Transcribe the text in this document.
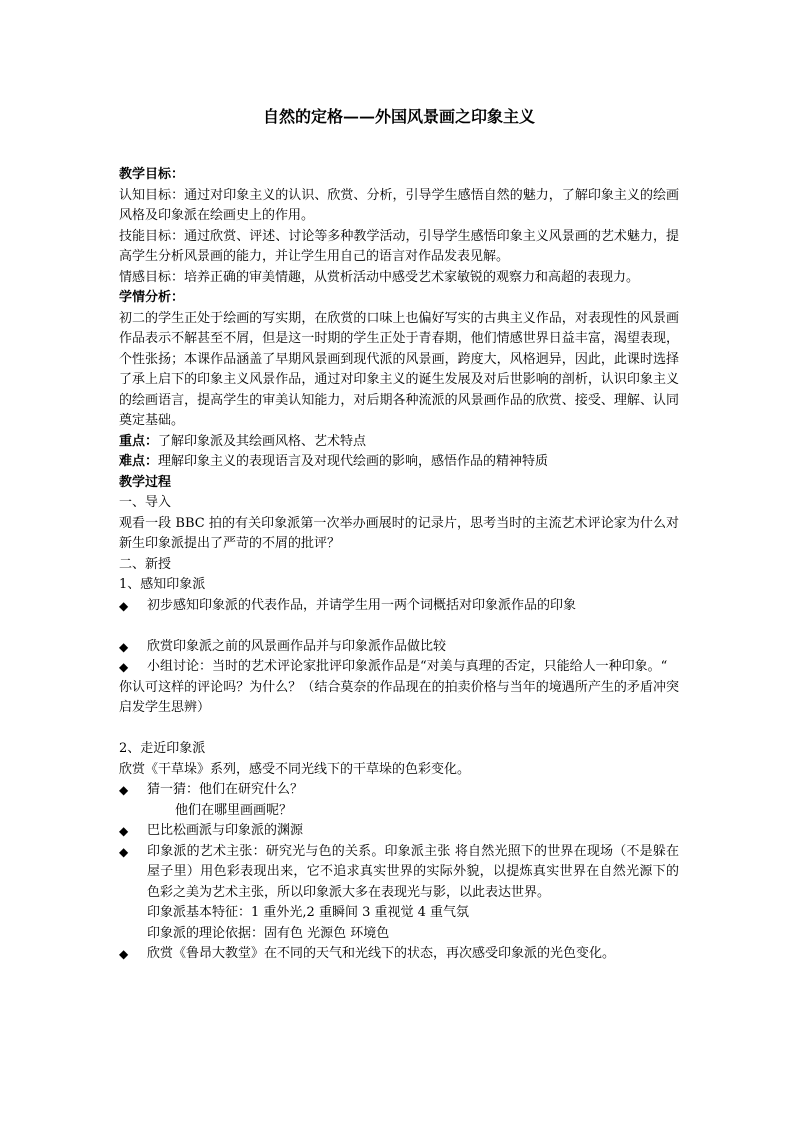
自然的定格——外国风景画之印象主义

教学目标：

认知目标：通过对印象主义的认识、欣赏、分析，引导学生感悟自然的魅力，了解印象主义的绘画风格及印象派在绘画史上的作用。

技能目标：通过欣赏、评述、讨论等多种教学活动，引导学生感悟印象主义风景画的艺术魅力，提高学生分析风景画的能力，并让学生用自己的语言对作品发表见解。

情感目标：培养正确的审美情趣，从赏析活动中感受艺术家敏锐的观察力和高超的表现力。

学情分析：

初二的学生正处于绘画的写实期，在欣赏的口味上也偏好写实的古典主义作品，对表现性的风景画作品表示不解甚至不屑，但是这一时期的学生正处于青春期，他们情感世界日益丰富，渴望表现，个性张扬；本课作品涵盖了早期风景画到现代派的风景画，跨度大，风格迥异，因此，此课时选择了承上启下的印象主义风景作品，通过对印象主义的诞生发展及对后世影响的剖析，认识印象主义的绘画语言，提高学生的审美认知能力，对后期各种流派的风景画作品的欣赏、接受、理解、认同奠定基础。

重点：了解印象派及其绘画风格、艺术特点

难点：理解印象主义的表现语言及对现代绘画的影响，感悟作品的精神特质

教学过程

一、导入

观看一段 BBC 拍的有关印象派第一次举办画展时的记录片，思考当时的主流艺术评论家为什么对新生印象派提出了严苛的不屑的批评？

二、新授

1、感知印象派

◆ 初步感知印象派的代表作品，并请学生用一两个词概括对印象派作品的印象

◆ 欣赏印象派之前的风景画作品并与印象派作品做比较

◆ 小组讨论：当时的艺术评论家批评印象派作品是“对美与真理的否定，只能给人一种印象。“

你认可这样的评论吗？为什么？（结合莫奈的作品现在的拍卖价格与当年的境遇所产生的矛盾冲突启发学生思辨）

2、走近印象派

欣赏《干草垛》系列，感受不同光线下的干草垛的色彩变化。

◆ 猜一猜：他们在研究什么？

他们在哪里画画呢？

◆ 巴比松画派与印象派的渊源

◆ 印象派的艺术主张：研究光与色的关系。印象派主张 将自然光照下的世界在现场（不是躲在屋子里）用色彩表现出来，它不追求真实世界的实际外貌，以提炼真实世界在自然光源下的色彩之美为艺术主张，所以印象派大多在表现光与影，以此表达世界。

印象派基本特征：1 重外光,2 重瞬间 3 重视觉 4 重气氛

印象派的理论依据：固有色 光源色 环境色

◆ 欣赏《鲁昂大教堂》在不同的天气和光线下的状态，再次感受印象派的光色变化。
